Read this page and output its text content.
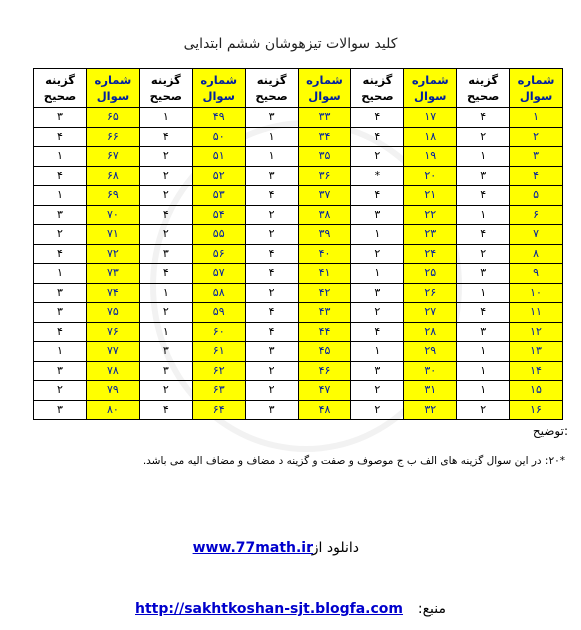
کلید سوالات تیزهوشان ششم ابتدایی
شماره سوال	گزینه صحیح	شماره سوال	گزینه صحیح	شماره سوال	گزینه صحیح	شماره سوال	گزینه صحیح	شماره سوال	گزینه صحیح
۱	۴	۱۷	۴	۳۳	۳	۴۹	۱	۶۵	۳
۲	۲	۱۸	۴	۳۴	۱	۵۰	۴	۶۶	۴
۳	۱	۱۹	۲	۳۵	۱	۵۱	۲	۶۷	۱
۴	۳	۲۰	*	۳۶	۳	۵۲	۲	۶۸	۴
۵	۴	۲۱	۴	۳۷	۴	۵۳	۲	۶۹	۱
۶	۱	۲۲	۳	۳۸	۲	۵۴	۴	۷۰	۳
۷	۴	۲۳	۱	۳۹	۲	۵۵	۲	۷۱	۲
۸	۲	۲۴	۲	۴۰	۴	۵۶	۳	۷۲	۴
۹	۳	۲۵	۱	۴۱	۴	۵۷	۴	۷۳	۱
۱۰	۱	۲۶	۳	۴۲	۲	۵۸	۱	۷۴	۳
۱۱	۴	۲۷	۲	۴۳	۴	۵۹	۲	۷۵	۳
۱۲	۳	۲۸	۴	۴۴	۴	۶۰	۱	۷۶	۴
۱۳	۱	۲۹	۱	۴۵	۳	۶۱	۳	۷۷	۱
۱۴	۱	۳۰	۳	۴۶	۲	۶۲	۳	۷۸	۳
۱۵	۱	۳۱	۲	۴۷	۲	۶۳	۲	۷۹	۲
۱۶	۲	۳۲	۲	۴۸	۳	۶۴	۴	۸۰	۳
توضیح:
*۲۰: در این سوال گزینه های الف ب ج موصوف و صفت و گزینه د مضاف و مضاف الیه می باشد.
دانلود از:
www.77math.ir
منبع:
http://sakhtkoshan-sjt.blogfa.com
